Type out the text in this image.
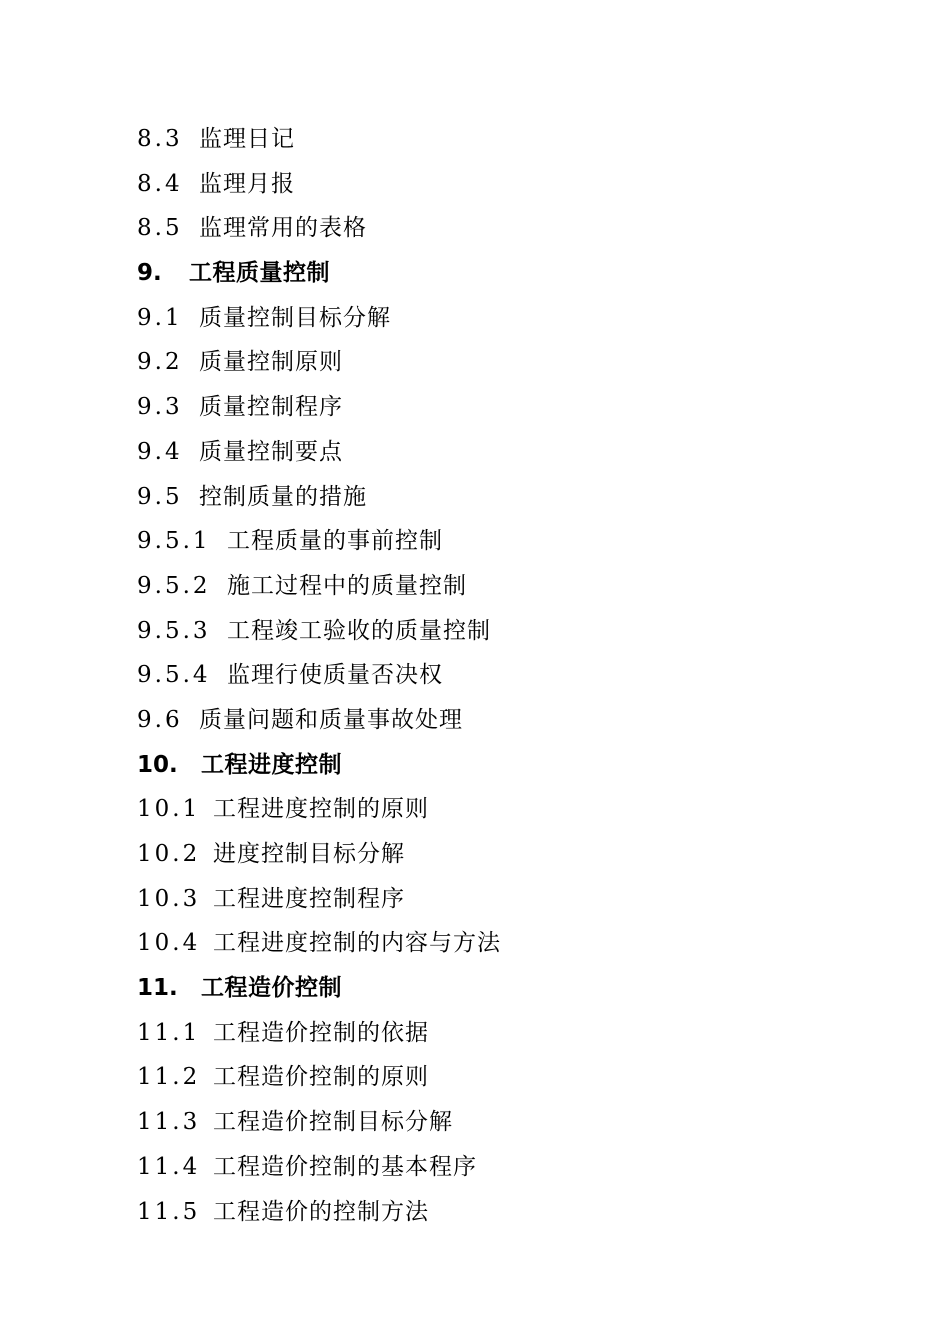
8.3 监理日记
8.4 监理月报
8.5 监理常用的表格
9. 工程质量控制
9.1 质量控制目标分解
9.2 质量控制原则
9.3 质量控制程序
9.4 质量控制要点
9.5 控制质量的措施
9.5.1 工程质量的事前控制
9.5.2 施工过程中的质量控制
9.5.3 工程竣工验收的质量控制
9.5.4 监理行使质量否决权
9.6 质量问题和质量事故处理
10. 工程进度控制
10.1 工程进度控制的原则
10.2 进度控制目标分解
10.3 工程进度控制程序
10.4 工程进度控制的内容与方法
11. 工程造价控制
11.1 工程造价控制的依据
11.2 工程造价控制的原则
11.3 工程造价控制目标分解
11.4 工程造价控制的基本程序
11.5 工程造价的控制方法
